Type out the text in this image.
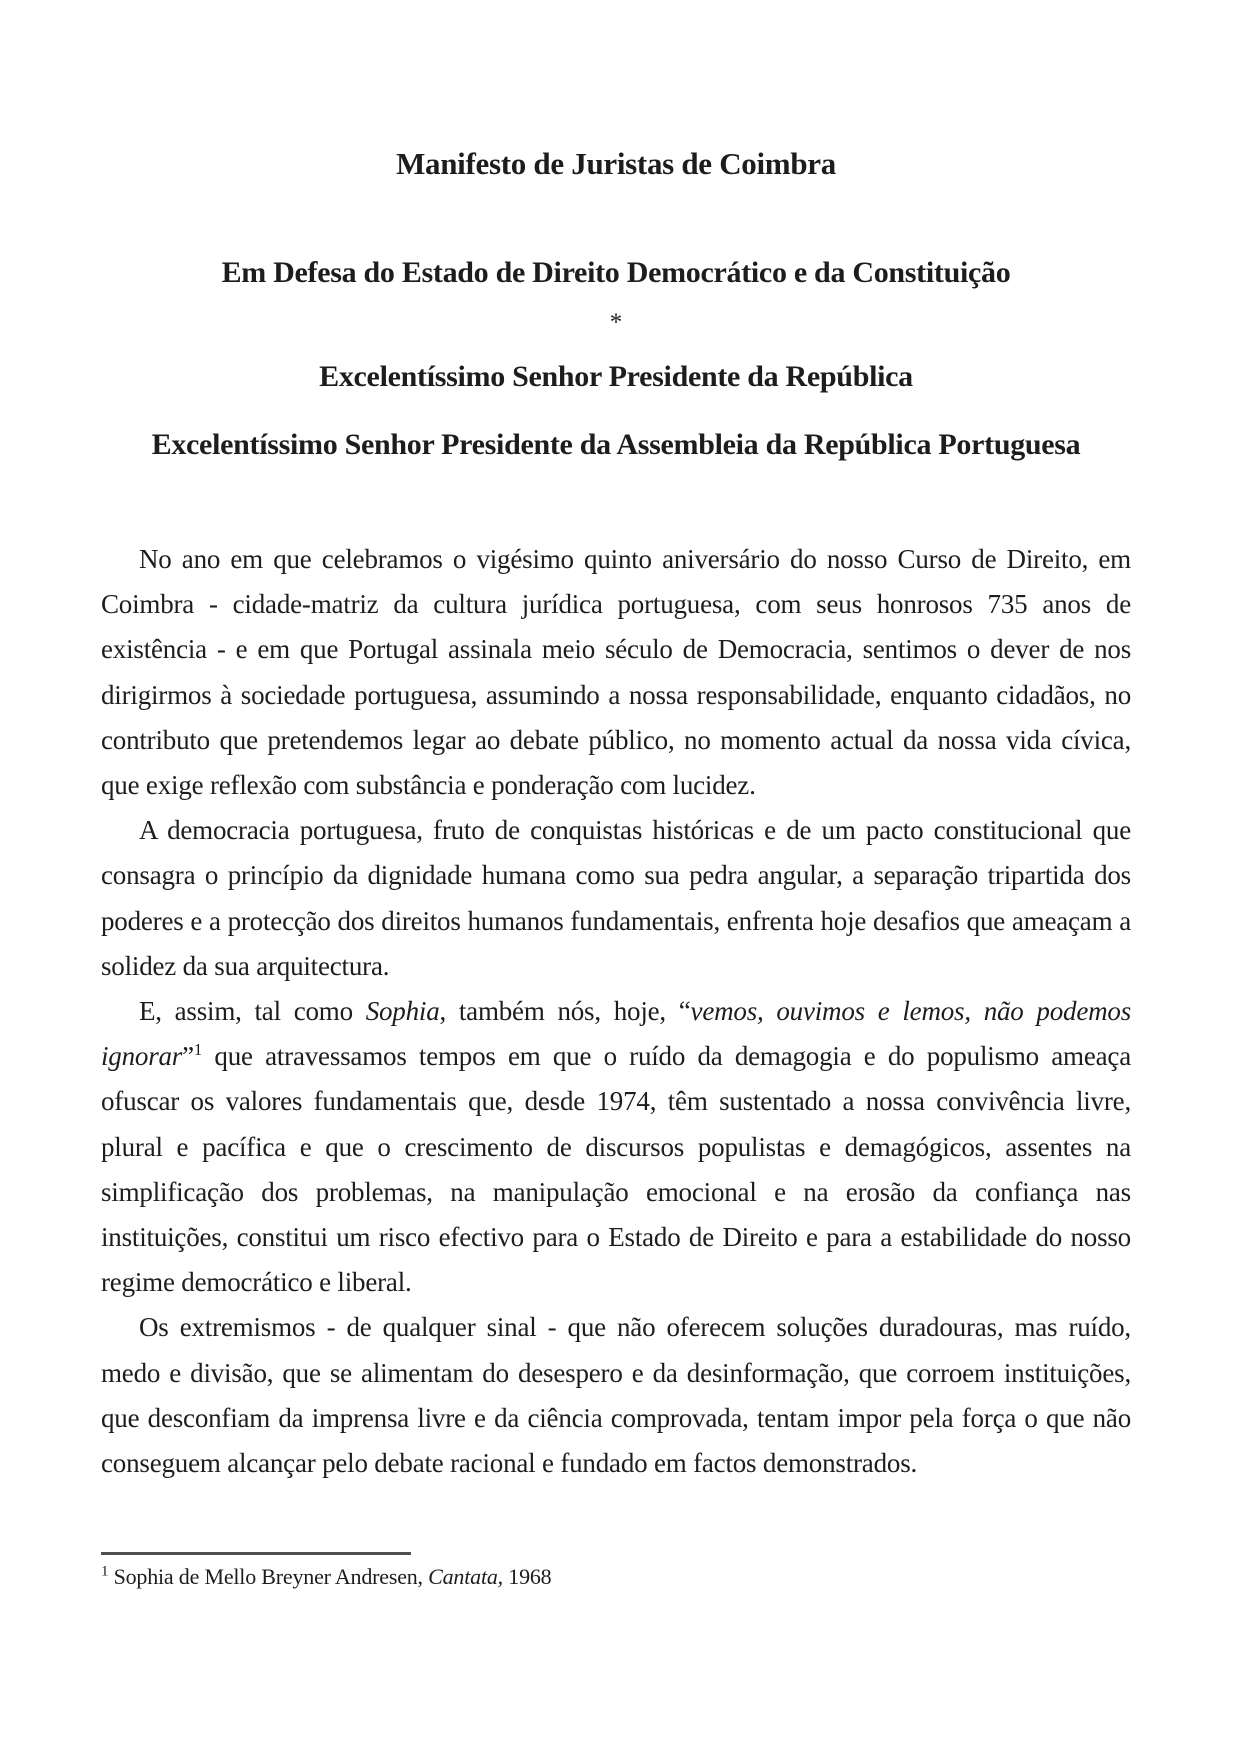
Manifesto de Juristas de Coimbra
Em Defesa do Estado de Direito Democrático e da Constituição
*
Excelentíssimo Senhor Presidente da República
Excelentíssimo Senhor Presidente da Assembleia da República Portuguesa

No ano em que celebramos o vigésimo quinto aniversário do nosso Curso de Direito, em Coimbra - cidade-matriz da cultura jurídica portuguesa, com seus honrosos 735 anos de existência - e em que Portugal assinala meio século de Democracia, sentimos o dever de nos dirigirmos à sociedade portuguesa, assumindo a nossa responsabilidade, enquanto cidadãos, no contributo que pretendemos legar ao debate público, no momento actual da nossa vida cívica, que exige reflexão com substância e ponderação com lucidez.

A democracia portuguesa, fruto de conquistas históricas e de um pacto constitucional que consagra o princípio da dignidade humana como sua pedra angular, a separação tripartida dos poderes e a protecção dos direitos humanos fundamentais, enfrenta hoje desafios que ameaçam a solidez da sua arquitectura.

E, assim, tal como Sophia, também nós, hoje, “vemos, ouvimos e lemos, não podemos ignorar”$^1$ que atravessamos tempos em que o ruído da demagogia e do populismo ameaça ofuscar os valores fundamentais que, desde 1974, têm sustentado a nossa convivência livre, plural e pacífica e que o crescimento de discursos populistas e demagógicos, assentes na simplificação dos problemas, na manipulação emocional e na erosão da confiança nas instituições, constitui um risco efectivo para o Estado de Direito e para a estabilidade do nosso regime democrático e liberal.

Os extremismos - de qualquer sinal - que não oferecem soluções duradouras, mas ruído, medo e divisão, que se alimentam do desespero e da desinformação, que corroem instituições, que desconfiam da imprensa livre e da ciência comprovada, tentam impor pela força o que não conseguem alcançar pelo debate racional e fundado em factos demonstrados.

$^1$ Sophia de Mello Breyner Andresen, Cantata, 1968
